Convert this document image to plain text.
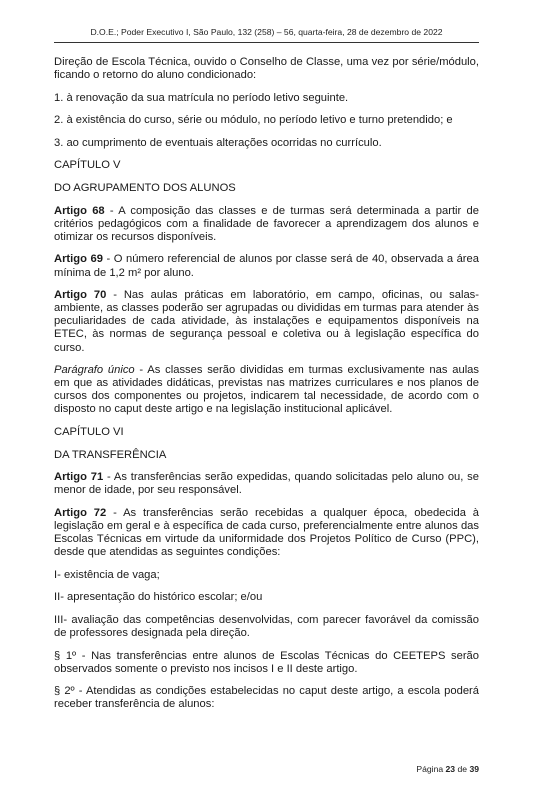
D.O.E.; Poder Executivo I, São Paulo, 132 (258) – 56, quarta-feira, 28 de dezembro de 2022

Direção de Escola Técnica, ouvido o Conselho de Classe, uma vez por série/módulo, ficando o retorno do aluno condicionado:

1. à renovação da sua matrícula no período letivo seguinte.

2. à existência do curso, série ou módulo, no período letivo e turno pretendido; e

3. ao cumprimento de eventuais alterações ocorridas no currículo.

CAPÍTULO V

DO AGRUPAMENTO DOS ALUNOS

Artigo 68 - A composição das classes e de turmas será determinada a partir de critérios pedagógicos com a finalidade de favorecer a aprendizagem dos alunos e otimizar os recursos disponíveis.

Artigo 69 - O número referencial de alunos por classe será de 40, observada a área mínima de 1,2 m² por aluno.

Artigo 70 - Nas aulas práticas em laboratório, em campo, oficinas, ou salas-ambiente, as classes poderão ser agrupadas ou divididas em turmas para atender às peculiaridades de cada atividade, às instalações e equipamentos disponíveis na ETEC, às normas de segurança pessoal e coletiva ou à legislação específica do curso.

Parágrafo único - As classes serão divididas em turmas exclusivamente nas aulas em que as atividades didáticas, previstas nas matrizes curriculares e nos planos de cursos dos componentes ou projetos, indicarem tal necessidade, de acordo com o disposto no caput deste artigo e na legislação institucional aplicável.

CAPÍTULO VI

DA TRANSFERÊNCIA

Artigo 71 - As transferências serão expedidas, quando solicitadas pelo aluno ou, se menor de idade, por seu responsável.

Artigo 72 - As transferências serão recebidas a qualquer época, obedecida à legislação em geral e à específica de cada curso, preferencialmente entre alunos das Escolas Técnicas em virtude da uniformidade dos Projetos Político de Curso (PPC), desde que atendidas as seguintes condições:

I- existência de vaga;

II- apresentação do histórico escolar; e/ou

III- avaliação das competências desenvolvidas, com parecer favorável da comissão de professores designada pela direção.

§ 1º - Nas transferências entre alunos de Escolas Técnicas do CEETEPS serão observados somente o previsto nos incisos I e II deste artigo.

§ 2º - Atendidas as condições estabelecidas no caput deste artigo, a escola poderá receber transferência de alunos:

Página 23 de 39
